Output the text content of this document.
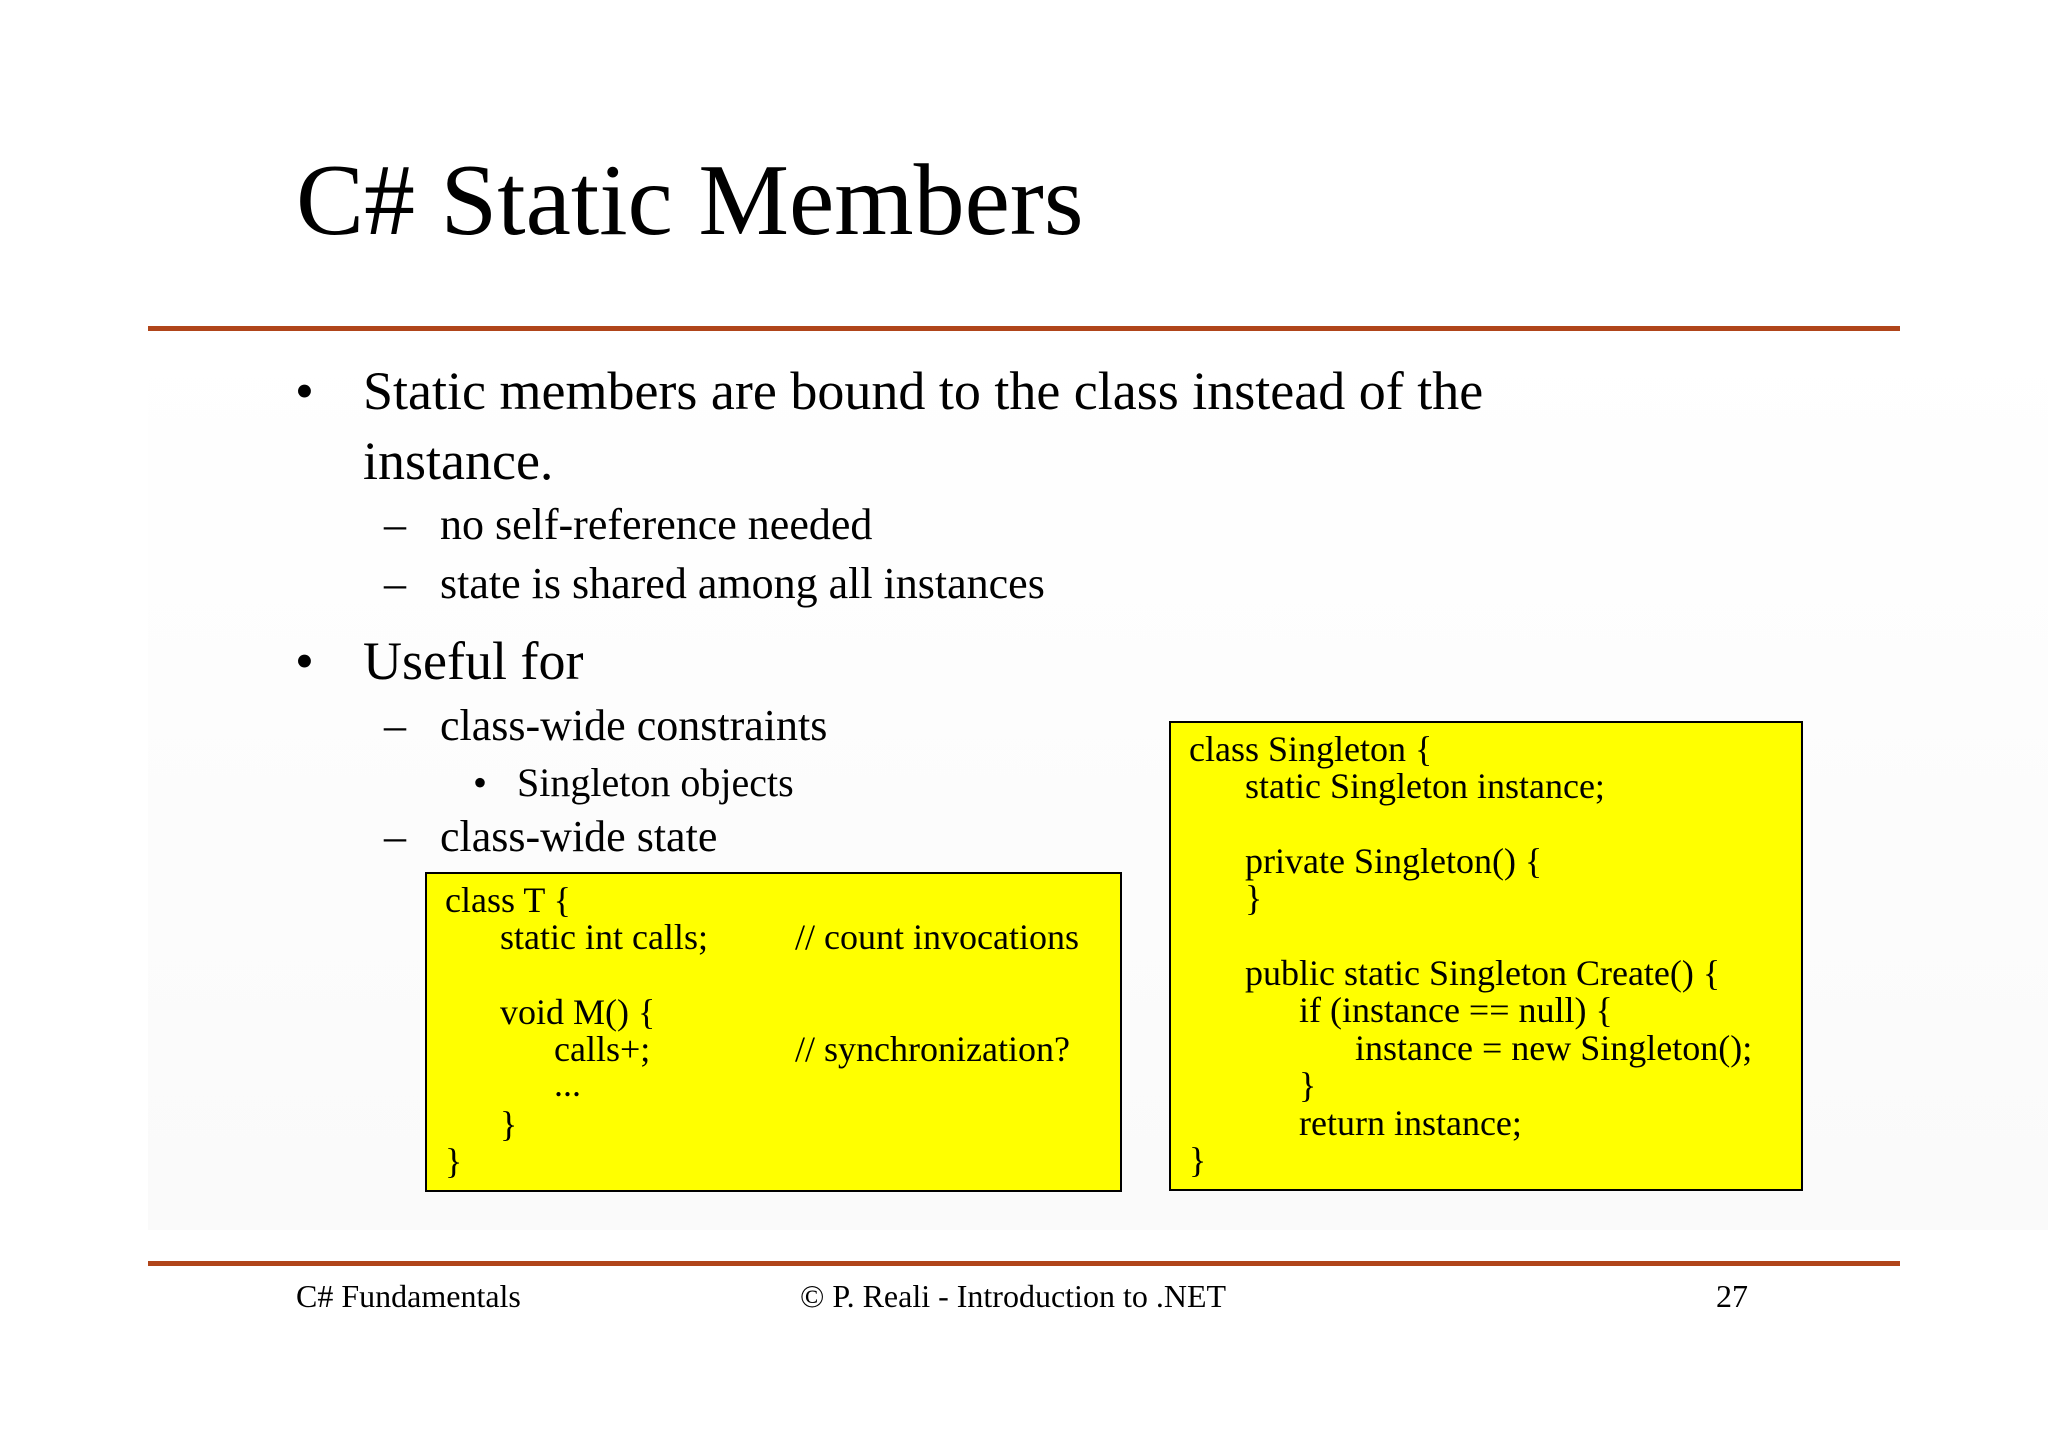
C# Static Members
• Static members are bound to the class instead of the
instance.
– no self-reference needed
– state is shared among all instances
• Useful for
– class-wide constraints
• Singleton objects
– class-wide state
class T {
static int calls; // count invocations
void M() {
calls+;	// synchronization?
...
}
}
class Singleton {
static Singleton instance;
private Singleton() {
}
public static Singleton Create() {
if (instance == null) {
instance = new Singleton();
}
return instance;
}
C# Fundamentals	© P. Reali - Introduction to .NET	27
